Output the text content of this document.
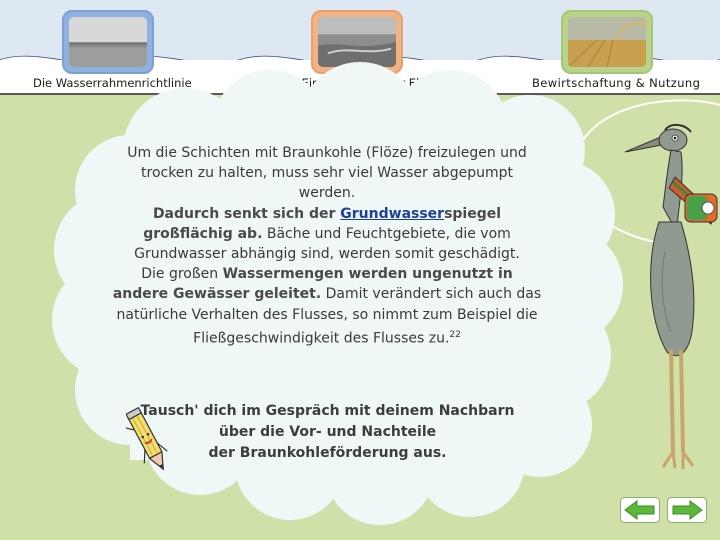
Die Wasserrahmenrichtlinie	Bewirtschaftung & Nutzung
Um die Schichten mit Braunkohle (Flöze) freizulegen und trocken zu halten, muss sehr viel Wasser abgepumpt werden.
Dadurch senkt sich der Grundwasserspiegel großflächig ab. Bäche und Feuchtgebiete, die vom Grundwasser abhängig sind, werden somit geschädigt.
Die großen Wassermengen werden ungenutzt in andere Gewässer geleitet. Damit verändert sich auch das natürliche Verhalten des Flusses, so nimmt zum Beispiel die Fließgeschwindigkeit des Flusses zu.$^{22}$
Tausch' dich im Gespräch mit deinem Nachbarn
über die Vor- und Nachteile
der Braunkohleförderung aus.
